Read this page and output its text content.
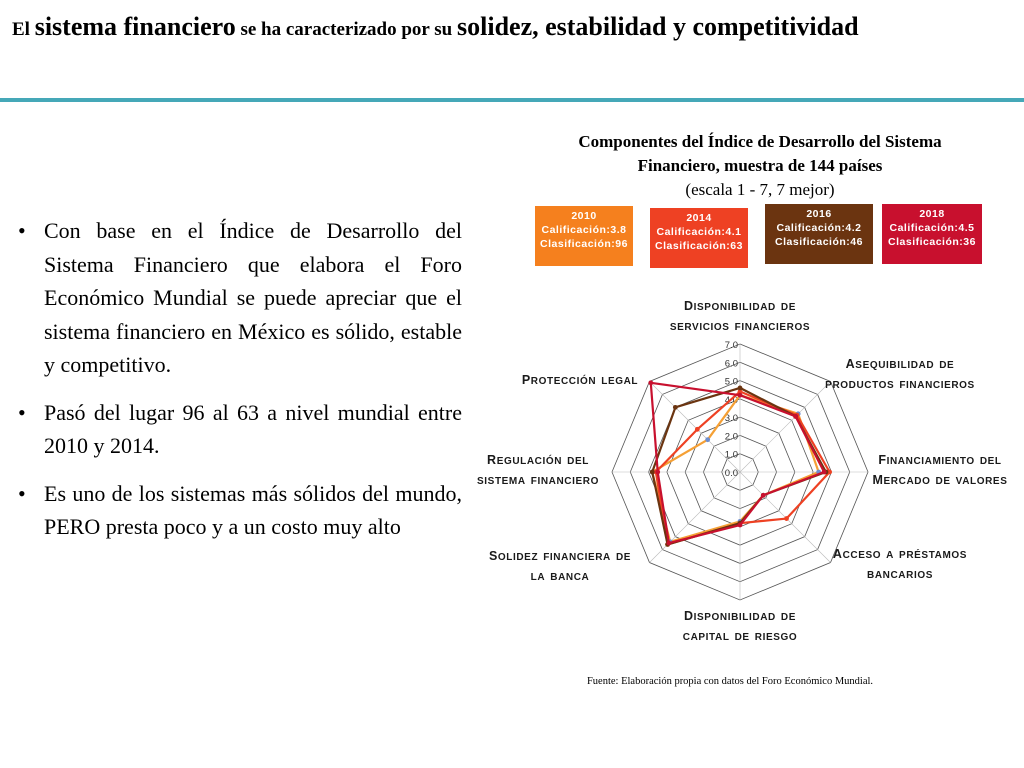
El sistema financiero se ha caracterizado por su solidez, estabilidad y competitividad
• Con base en el Índice de Desarrollo del Sistema Financiero que elabora el Foro Económico Mundial se puede apreciar que el sistema financiero en México es sólido, estable y competitivo.
• Pasó del lugar 96 al 63 a nivel mundial entre 2010 y 2014.
• Es uno de los sistemas más sólidos del mundo, PERO presta poco y a un costo muy alto
Componentes del Índice de Desarrollo del Sistema
Financiero, muestra de 144 países
(escala 1 - 7, 7 mejor)
2010
Calificación:3.8
Clasificación:96
2014
Calificación:4.1
Clasificación:63
2016
Calificación:4.2
Clasificación:46
2018
Calificación:4.5
Clasificación:36
0.0
1.0
2.0
3.0
4.0
5.0
6.0
7.0
DISPONIBILIDAD DE
SERVICIOS FINANCIEROS
ASEQUIBILIDAD DE
PRODUCTOS FINANCIEROS
FINANCIAMIENTO DEL
MERCADO DE VALORES
ACCESO A PRÉSTAMOS
BANCARIOS
DISPONIBILIDAD DE
CAPITAL DE RIESGO
SOLIDEZ FINANCIERA DE
LA BANCA
REGULACIÓN DEL
SISTEMA FINANCIERO
PROTECCIÓN LEGAL
Fuente: Elaboración propia con datos del Foro Económico Mundial.
